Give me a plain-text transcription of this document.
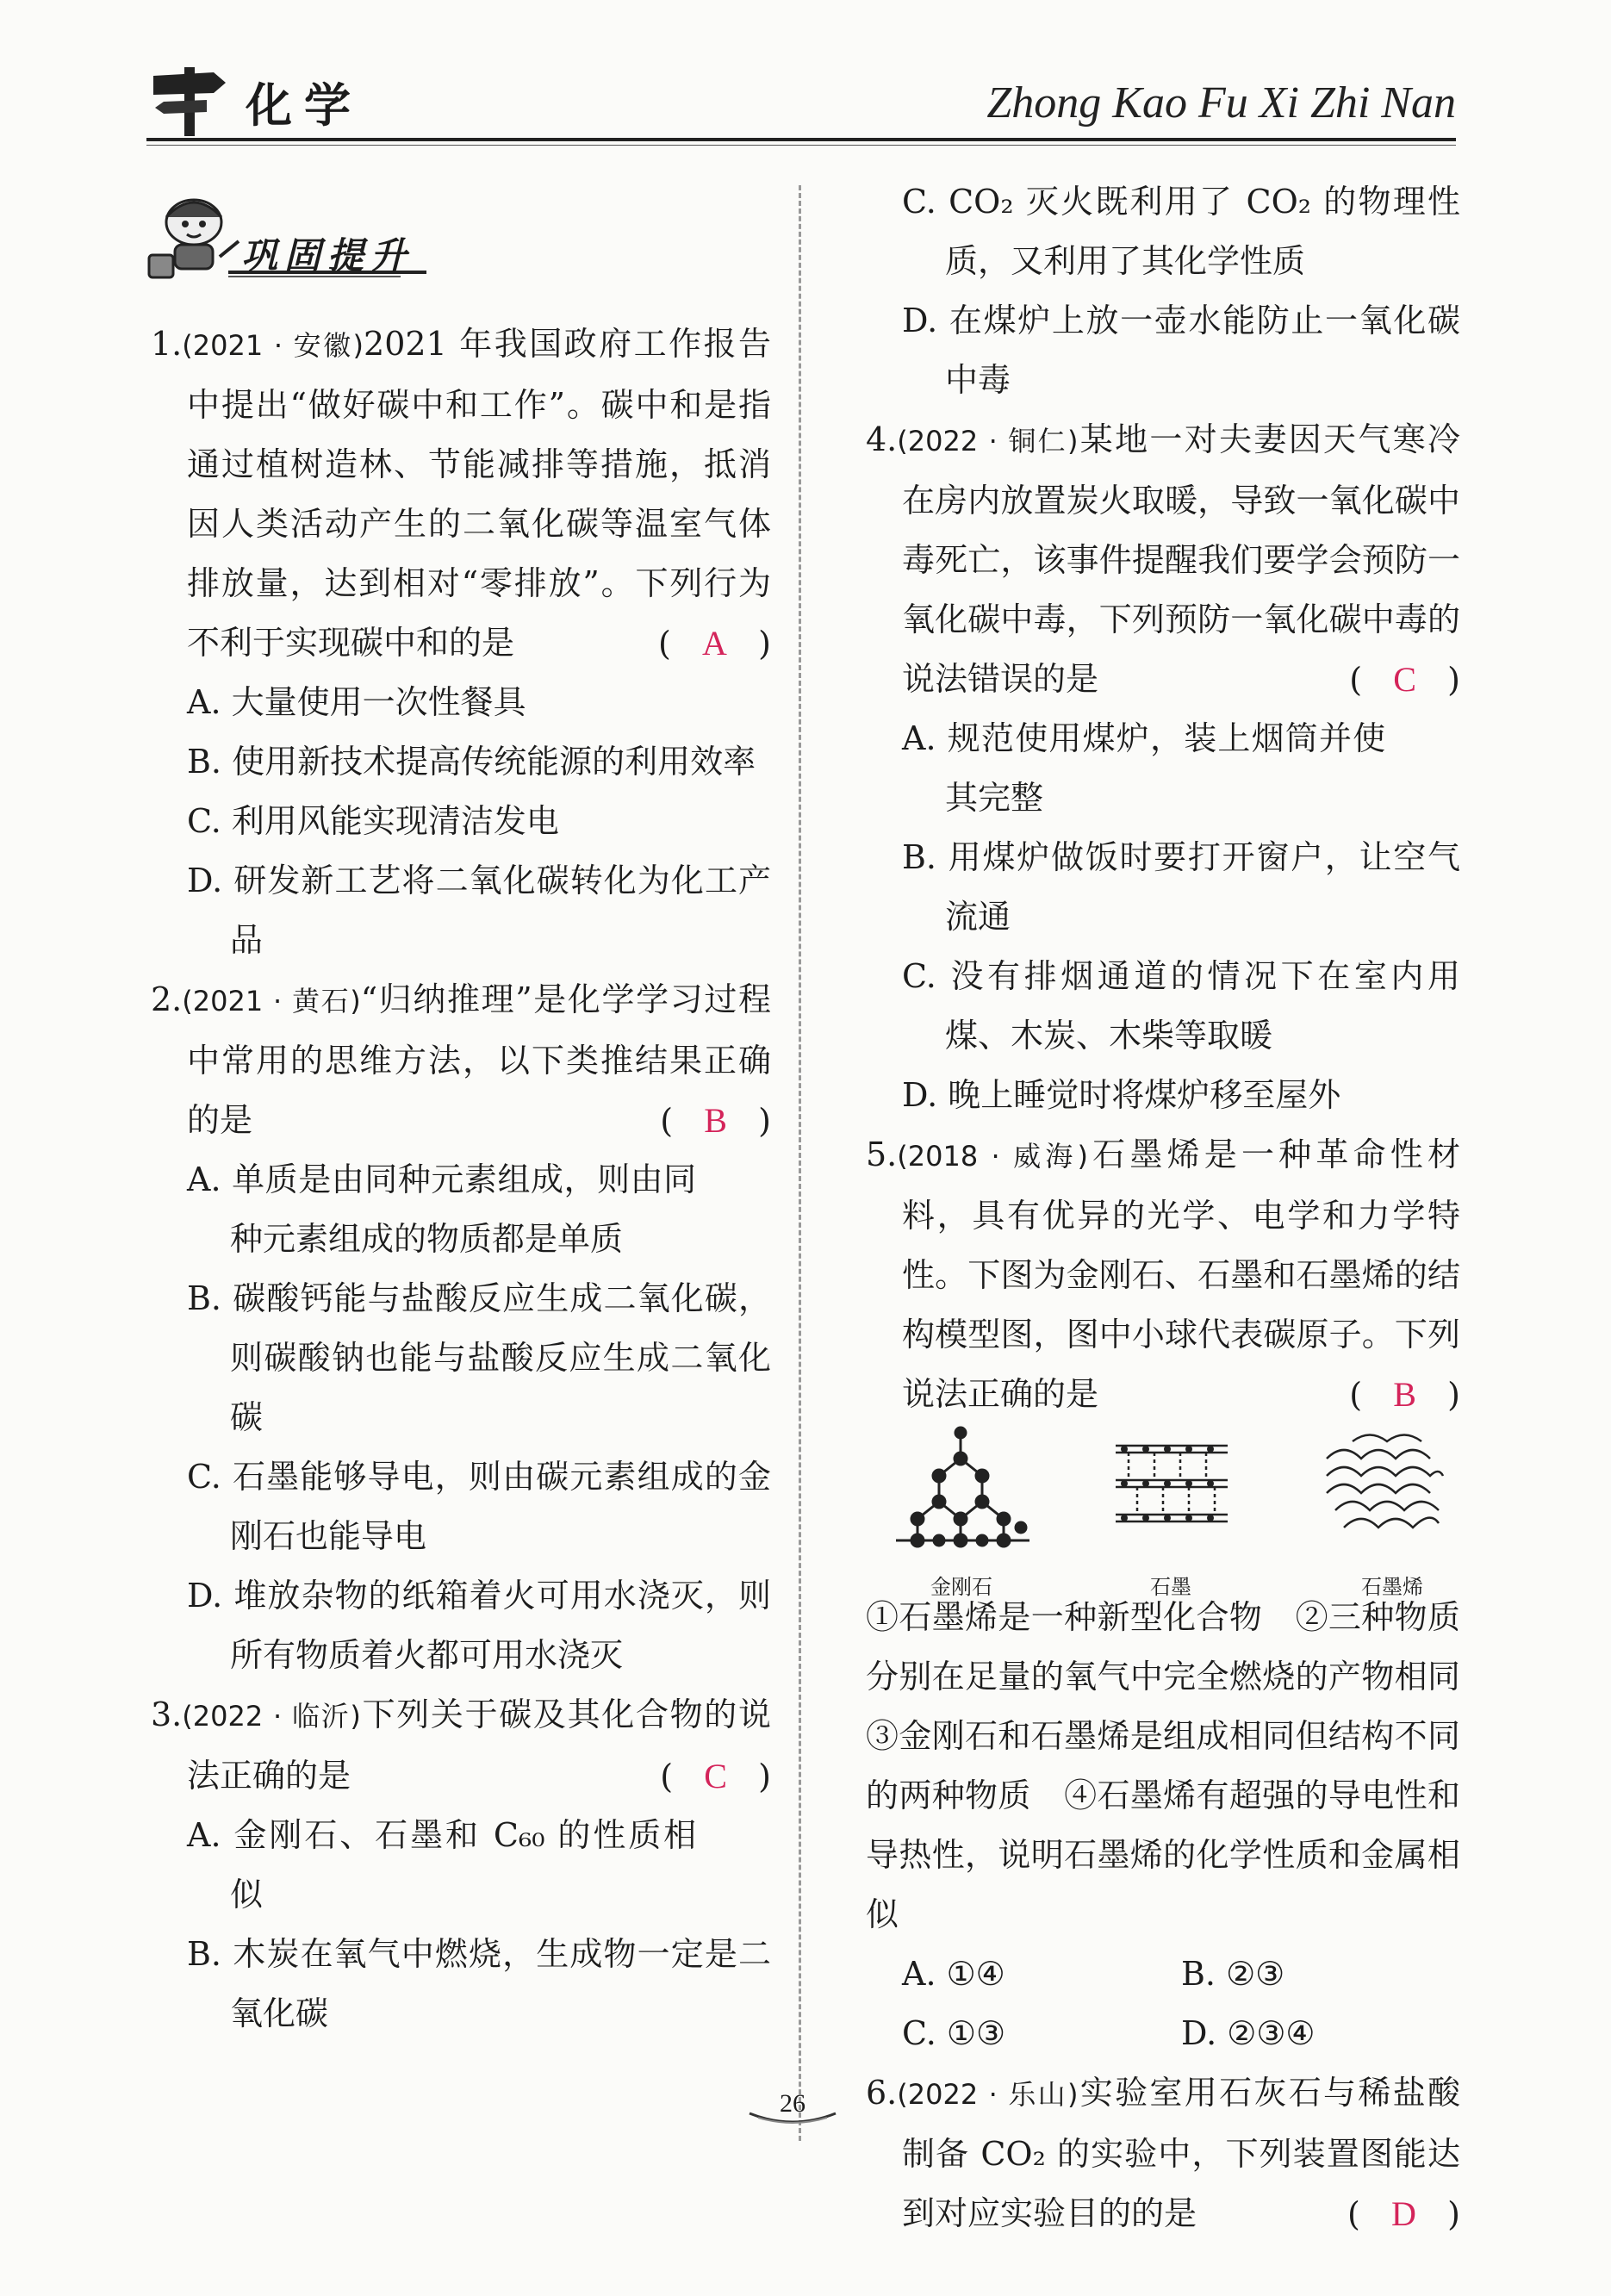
化学	Zhong Kao Fu Xi Zhi Nan
巩固提升
1.(2021 · 安徽)2021 年我国政府工作报告中提出“做好碳中和工作”。碳中和是指通过植树造林、节能减排等措施，抵消因人类活动产生的二氧化碳等温室气体排放量，达到相对“零排放”。下列行为不利于实现碳中和的是	(   A   )
A. 大量使用一次性餐具
B. 使用新技术提高传统能源的利用效率
C. 利用风能实现清洁发电
D. 研发新工艺将二氧化碳转化为化工产品
2.(2021 · 黄石)“归纳推理”是化学学习过程中常用的思维方法，以下类推结果正确的是	(   B   )
A. 单质是由同种元素组成，则由同种元素组成的物质都是单质
B. 碳酸钙能与盐酸反应生成二氧化碳，则碳酸钠也能与盐酸反应生成二氧化碳
C. 石墨能够导电，则由碳元素组成的金刚石也能导电
D. 堆放杂物的纸箱着火可用水浇灭，则所有物质着火都可用水浇灭
3.(2022 · 临沂)下列关于碳及其化合物的说法正确的是	(   C   )
A. 金刚石、石墨和 C₆₀ 的性质相似
B. 木炭在氧气中燃烧，生成物一定是二氧化碳
C. CO₂ 灭火既利用了 CO₂ 的物理性质，又利用了其化学性质
D. 在煤炉上放一壶水能防止一氧化碳中毒
4.(2022 · 铜仁)某地一对夫妻因天气寒冷在房内放置炭火取暖，导致一氧化碳中毒死亡，该事件提醒我们要学会预防一氧化碳中毒，下列预防一氧化碳中毒的说法错误的是	(   C   )
A. 规范使用煤炉，装上烟筒并使其完整
B. 用煤炉做饭时要打开窗户，让空气流通
C. 没有排烟通道的情况下在室内用煤、木炭、木柴等取暖
D. 晚上睡觉时将煤炉移至屋外
5.(2018 · 威海)石墨烯是一种革命性材料，具有优异的光学、电学和力学特性。下图为金刚石、石墨和石墨烯的结构模型图，图中小球代表碳原子。下列说法正确的是	(   B   )
金刚石	石墨	石墨烯
①石墨烯是一种新型化合物　②三种物质分别在足量的氧气中完全燃烧的产物相同　③金刚石和石墨烯是组成相同但结构不同的两种物质　④石墨烯有超强的导电性和导热性，说明石墨烯的化学性质和金属相似
A. ①④	B. ②③
C. ①③	D. ②③④
6.(2022 · 乐山)实验室用石灰石与稀盐酸制备 CO₂ 的实验中，下列装置图能达到对应实验目的的是	(   D   )
26
